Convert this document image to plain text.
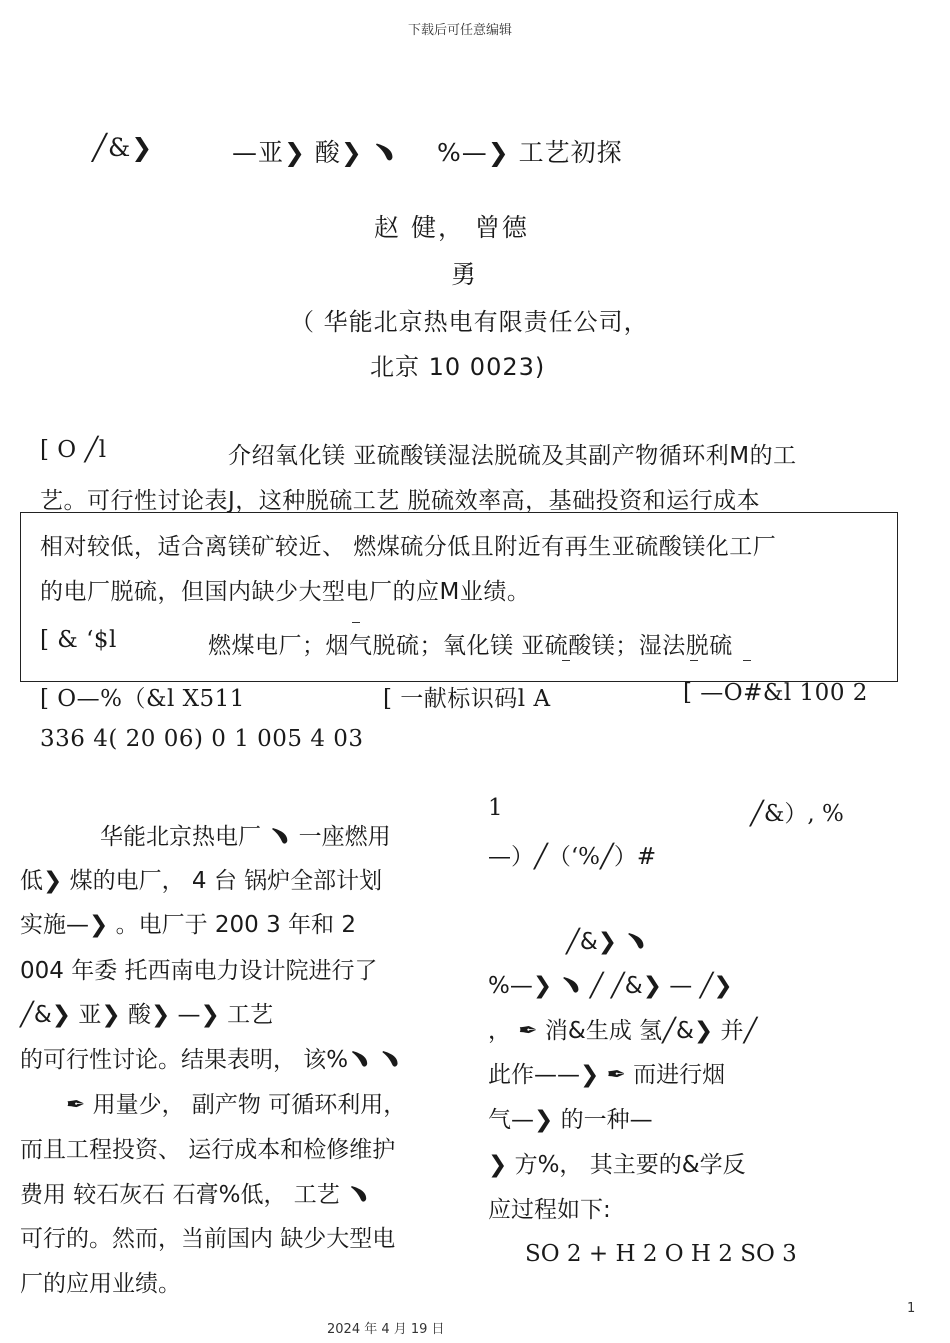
下载后可任意编辑
╱&❯	—亚❯ 酸❯ ﹅ %—❯ 工艺初探
赵 健， 曾德
勇
（ 华能北京热电有限责任公司，
北京 10 0023)
[ O ╱l	介绍氧化镁 亚硫酸镁湿法脱硫及其副产物循环利M的工
艺。可行性讨论表J，这种脱硫工艺 脱硫效率高，基础投资和运行成本
相对较低，适合离镁矿较近、 燃煤硫分低且附近有再生亚硫酸镁化工厂
的电厂脱硫，但国内缺少大型电厂的应M业绩。
[ & ‘$l	燃煤电厂；烟气脱硫；氧化镁 亚硫酸镁；湿法脱硫
[ O—%（&l X511	[ 一献标识码l A	[ —O#&l 100 2
336 4( 20 06) 0 1 005 4 03
华能北京热电厂 ﹅ 一座燃用
低❯ 煤的电厂， 4 台 锅炉全部计划
实施—❯ 。电厂于 200 3 年和 2
004 年委 托西南电力设计院进行了
╱&❯ 亚❯ 酸❯ —❯ 工艺
的可行性讨论。结果表明， 该%﹅ ﹅
✒ 用量少， 副产物 可循环利用，
而且工程投资、 运行成本和检修维护
费用 较石灰石 石膏%低， 工艺 ﹅
可行的。然而，当前国内 缺少大型电
厂的应用业绩。
1	╱&）, %
—）╱（‘%╱）#
╱&❯ ﹅
%—❯ ﹅ ╱ ╱&❯ — ╱❯
， ✒ 消&生成 氢╱&❯ 并╱
此作——❯ ✒ 而进行烟
气—❯ 的一种—
❯ 方%， 其主要的&学反
应过程如下:
SO 2 + H 2 O H 2 SO 3
2024 年 4 月 19 日
1
